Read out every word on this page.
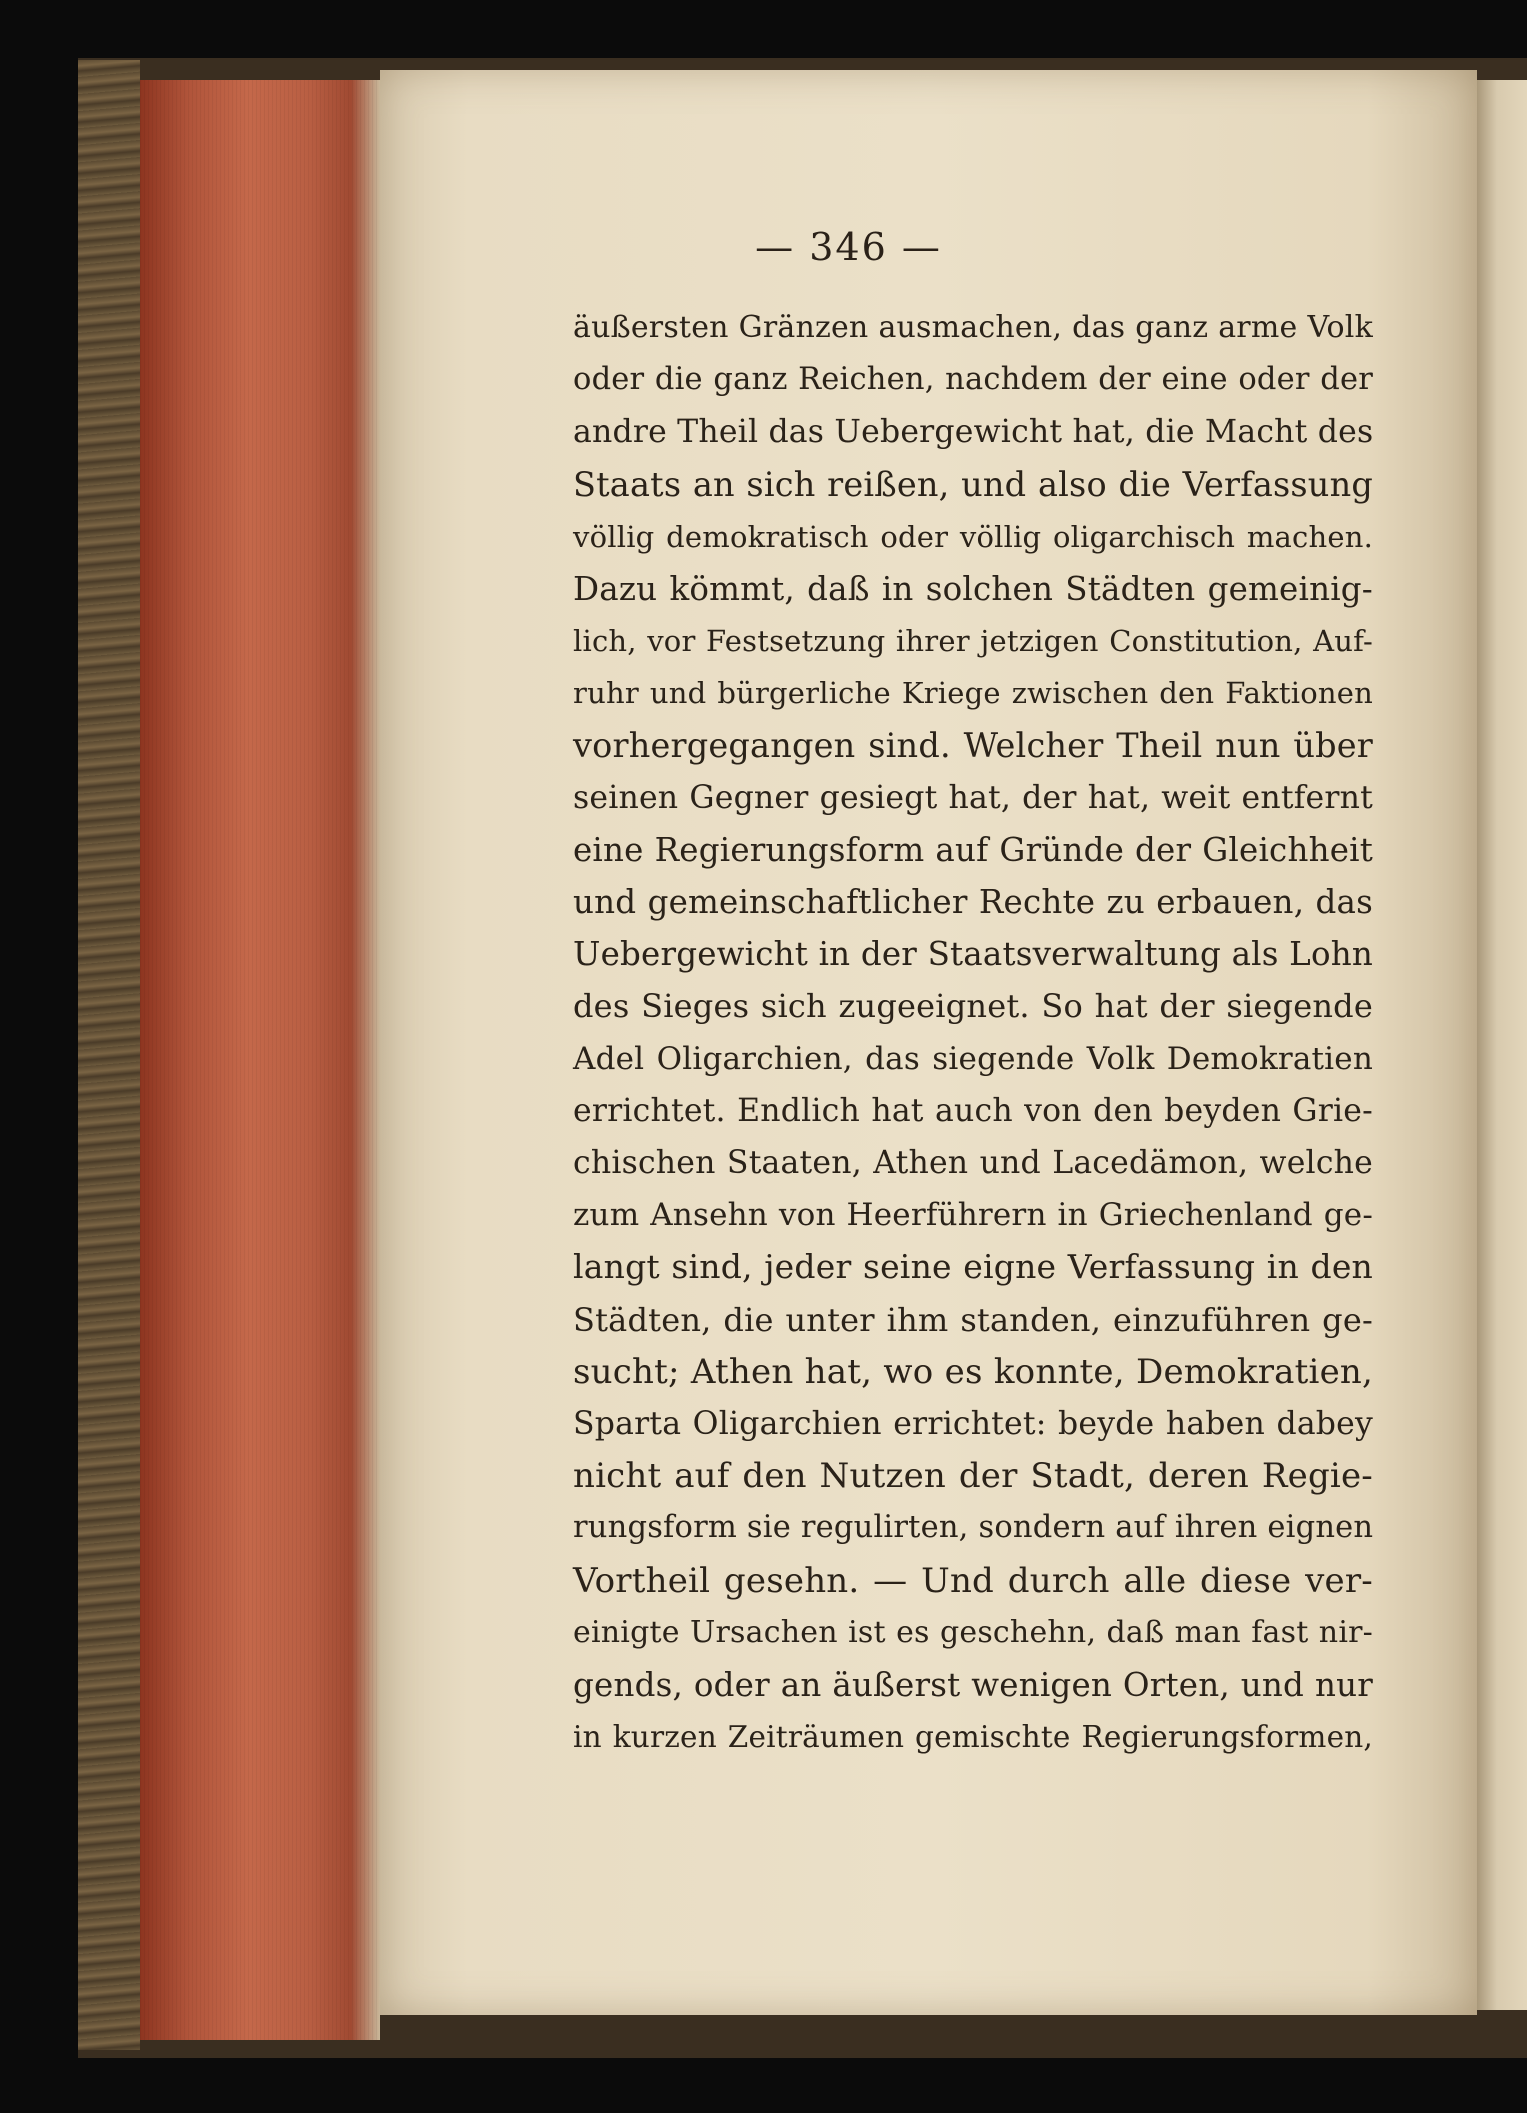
— 346 —
äußersten Gränzen ausmachen, das ganz arme Volk
oder die ganz Reichen, nachdem der eine oder der
andre Theil das Uebergewicht hat, die Macht des
Staats an sich reißen, und also die Verfassung
völlig demokratisch oder völlig oligarchisch machen.
Dazu kömmt, daß in solchen Städten gemeinig-
lich, vor Festsetzung ihrer jetzigen Constitution, Auf-
ruhr und bürgerliche Kriege zwischen den Faktionen
vorhergegangen sind. Welcher Theil nun über
seinen Gegner gesiegt hat, der hat, weit entfernt
eine Regierungsform auf Gründe der Gleichheit
und gemeinschaftlicher Rechte zu erbauen, das
Uebergewicht in der Staatsverwaltung als Lohn
des Sieges sich zugeeignet. So hat der siegende
Adel Oligarchien, das siegende Volk Demokratien
errichtet. Endlich hat auch von den beyden Grie-
chischen Staaten, Athen und Lacedämon, welche
zum Ansehn von Heerführern in Griechenland ge-
langt sind, jeder seine eigne Verfassung in den
Städten, die unter ihm standen, einzuführen ge-
sucht; Athen hat, wo es konnte, Demokratien,
Sparta Oligarchien errichtet: beyde haben dabey
nicht auf den Nutzen der Stadt, deren Regie-
rungsform sie regulirten, sondern auf ihren eignen
Vortheil gesehn. — Und durch alle diese ver-
einigte Ursachen ist es geschehn, daß man fast nir-
gends, oder an äußerst wenigen Orten, und nur
in kurzen Zeiträumen gemischte Regierungsformen,
